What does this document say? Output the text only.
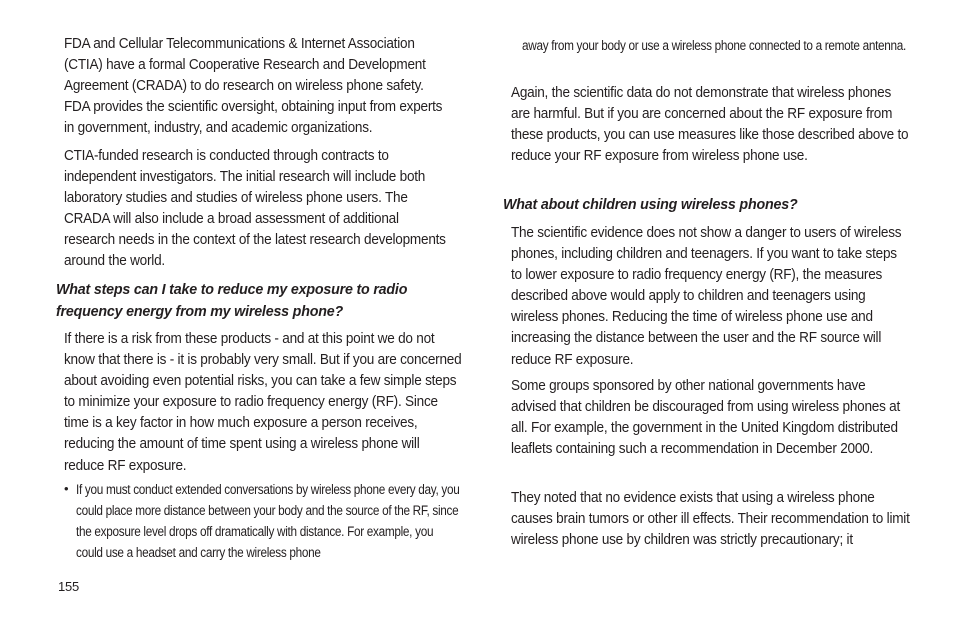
FDA and Cellular Telecommunications & Internet Association (CTIA) have a formal Cooperative Research and Development Agreement (CRADA) to do research on wireless phone safety. FDA provides the scientific oversight, obtaining input from experts in government, industry, and academic organizations.

CTIA-funded research is conducted through contracts to independent investigators. The initial research will include both laboratory studies and studies of wireless phone users. The CRADA will also include a broad assessment of additional research needs in the context of the latest research developments around the world.

What steps can I take to reduce my exposure to radio frequency energy from my wireless phone?

If there is a risk from these products - and at this point we do not know that there is - it is probably very small. But if you are concerned about avoiding even potential risks, you can take a few simple steps to minimize your exposure to radio frequency energy (RF). Since time is a key factor in how much exposure a person receives, reducing the amount of time spent using a wireless phone will reduce RF exposure.

• If you must conduct extended conversations by wireless phone every day, you could place more distance between your body and the source of the RF, since the exposure level drops off dramatically with distance. For example, you could use a headset and carry the wireless phone

away from your body or use a wireless phone connected to a remote antenna.

Again, the scientific data do not demonstrate that wireless phones are harmful. But if you are concerned about the RF exposure from these products, you can use measures like those described above to reduce your RF exposure from wireless phone use.

What about children using wireless phones?

The scientific evidence does not show a danger to users of wireless phones, including children and teenagers. If you want to take steps to lower exposure to radio frequency energy (RF), the measures described above would apply to children and teenagers using wireless phones. Reducing the time of wireless phone use and increasing the distance between the user and the RF source will reduce RF exposure.

Some groups sponsored by other national governments have advised that children be discouraged from using wireless phones at all. For example, the government in the United Kingdom distributed leaflets containing such a recommendation in December 2000.

They noted that no evidence exists that using a wireless phone causes brain tumors or other ill effects. Their recommendation to limit wireless phone use by children was strictly precautionary; it

155
